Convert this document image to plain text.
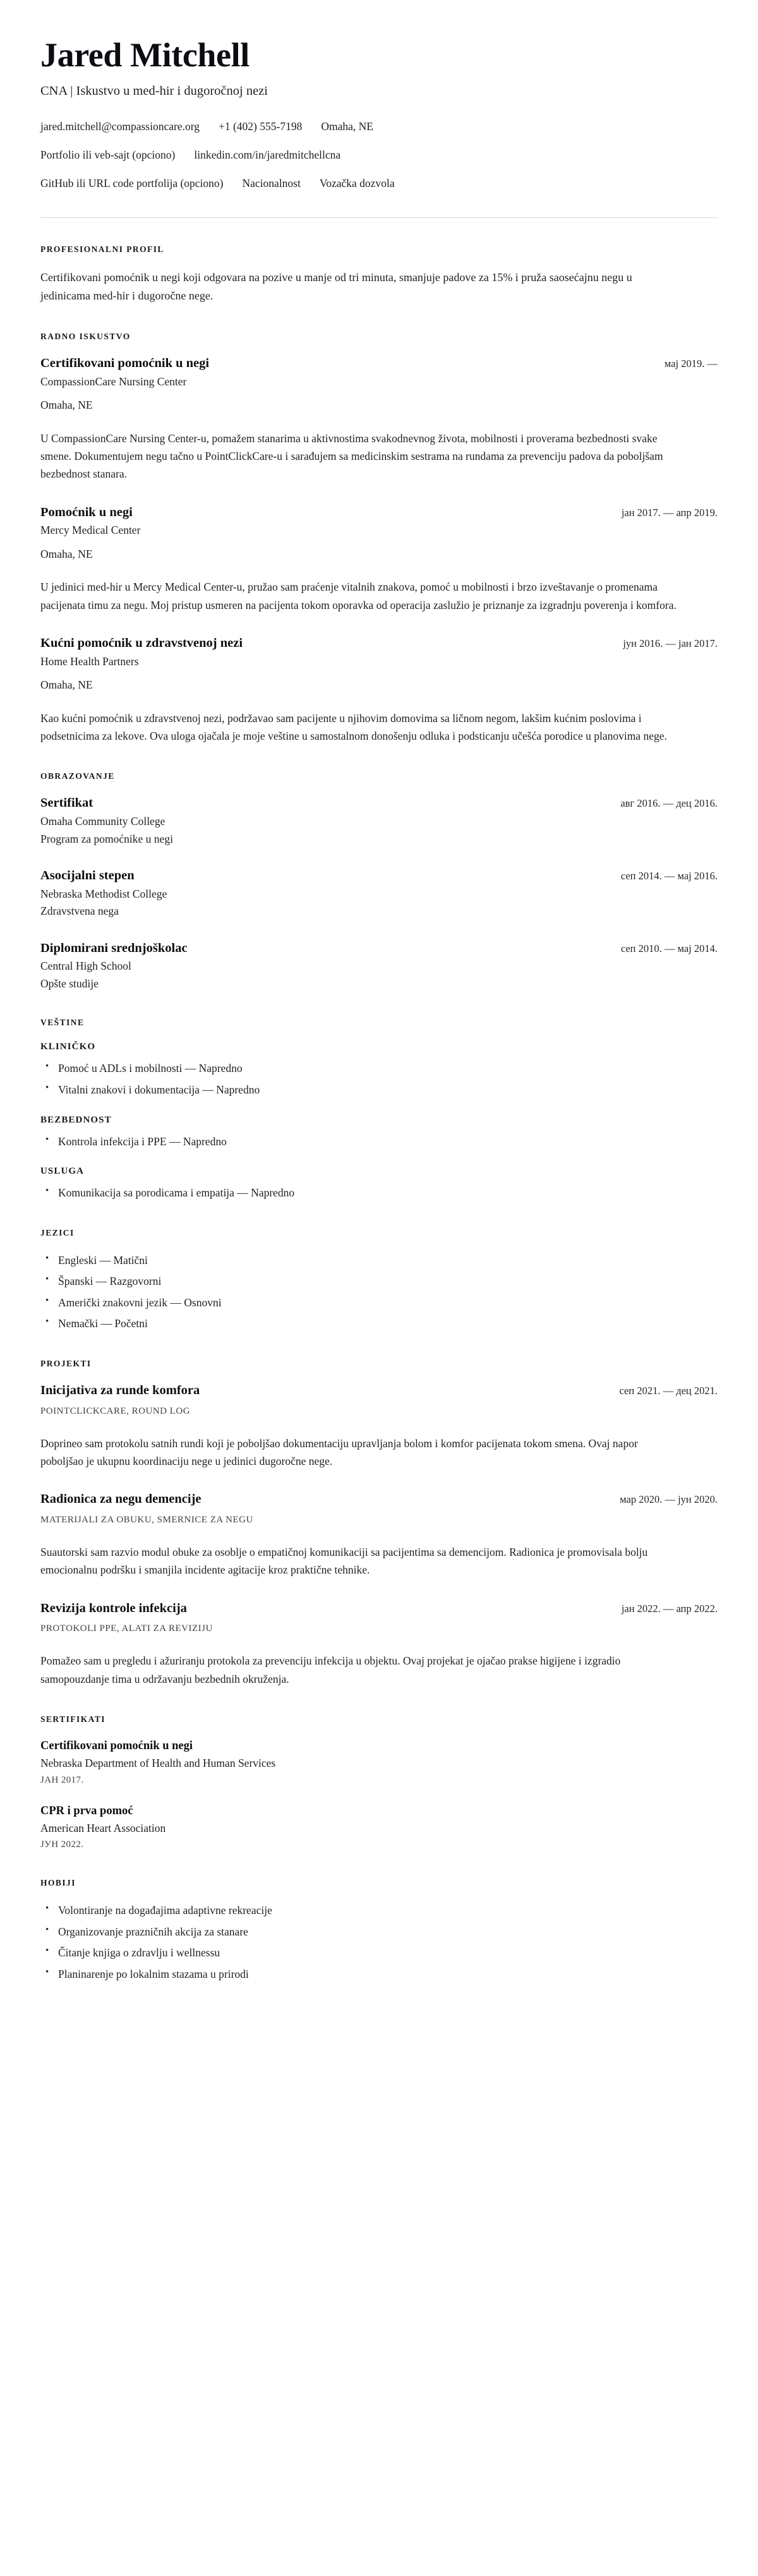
Jared Mitchell
CNA | Iskustvo u med-hir i dugoročnoj nezi
jared.mitchell@compassioncare.org +1 (402) 555-7198 Omaha, NE
Portfolio ili veb-sajt (opciono) linkedin.com/in/jaredmitchellcna
GitHub ili URL code portfolija (opciono) Nacionalnost Vozačka dozvola
PROFESIONALNI PROFIL

Certifikovani pomoćnik u negi koji odgovara na pozive u manje od tri minuta, smanjuje padove za 15% i pruža saosećajnu negu u jedinicama med-hir i dugoročne nege.

RADNO ISKUSTVO
Certifikovani pomoćnik u negi	мај 2019. —
CompassionCare Nursing Center
Omaha, NE

U CompassionCare Nursing Center-u, pomažem stanarima u aktivnostima svakodnevnog života, mobilnosti i proverama bezbednosti svake smene. Dokumentujem negu tačno u PointClickCare-u i sarađujem sa medicinskim sestrama na rundama za prevenciju padova da poboljšam bezbednost stanara.

Pomoćnik u negi	јан 2017. — апр 2019.
Mercy Medical Center
Omaha, NE

U jedinici med-hir u Mercy Medical Center-u, pružao sam praćenje vitalnih znakova, pomoć u mobilnosti i brzo izveštavanje o promenama pacijenata timu za negu. Moj pristup usmeren na pacijenta tokom oporavka od operacija zaslužio je priznanje za izgradnju poverenja i komfora.

Kućni pomoćnik u zdravstvenoj nezi	јун 2016. — јан 2017.
Home Health Partners
Omaha, NE

Kao kućni pomoćnik u zdravstvenoj nezi, podržavao sam pacijente u njihovim domovima sa ličnom negom, lakšim kućnim poslovima i podsetnicima za lekove. Ova uloga ojačala je moje veštine u samostalnom donošenju odluka i podsticanju učešća porodice u planovima nege.

OBRAZOVANJE
Sertifikat	авг 2016. — дец 2016.
Omaha Community College
Program za pomoćnike u negi
Asocijalni stepen	сеп 2014. — мај 2016.
Nebraska Methodist College
Zdravstvena nega
Diplomirani srednjoškolac	сеп 2010. — мај 2014.
Central High School
Opšte studije
VEŠTINE
KLINIČKO
• Pomoć u ADLs i mobilnosti — Napredno
• Vitalni znakovi i dokumentacija — Napredno
BEZBEDNOST
• Kontrola infekcija i PPE — Napredno
USLUGA
• Komunikacija sa porodicama i empatija — Napredno
JEZICI
• Engleski — Matični
• Španski — Razgovorni
• Američki znakovni jezik — Osnovni
• Nemački — Početni
PROJEKTI
Inicijativa za runde komfora	сеп 2021. — дец 2021.
POINTCLICKCARE, ROUND LOG

Doprineo sam protokolu satnih rundi koji je poboljšao dokumentaciju upravljanja bolom i komfor pacijenata tokom smena. Ovaj napor poboljšao je ukupnu koordinaciju nege u jedinici dugoročne nege.

Radionica za negu demencije	мар 2020. — јун 2020.
MATERIJALI ZA OBUKU, SMERNICE ZA NEGU

Suautorski sam razvio modul obuke za osoblje o empatičnoj komunikaciji sa pacijentima sa demencijom. Radionica je promovisala bolju emocionalnu podršku i smanjila incidente agitacije kroz praktične tehnike.

Revizija kontrole infekcija	јан 2022. — апр 2022.
PROTOKOLI PPE, ALATI ZA REVIZIJU

Pomažeo sam u pregledu i ažuriranju protokola za prevenciju infekcija u objektu. Ovaj projekat je ojačao prakse higijene i izgradio samopouzdanje tima u održavanju bezbednih okruženja.

SERTIFIKATI
Certifikovani pomoćnik u negi
Nebraska Department of Health and Human Services
ЈАН 2017.
CPR i prva pomoć
American Heart Association
ЈУН 2022.
HOBIJI
• Volontiranje na događajima adaptivne rekreacije
• Organizovanje prazničnih akcija za stanare
• Čitanje knjiga o zdravlju i wellnessu
• Planinarenje po lokalnim stazama u prirodi
